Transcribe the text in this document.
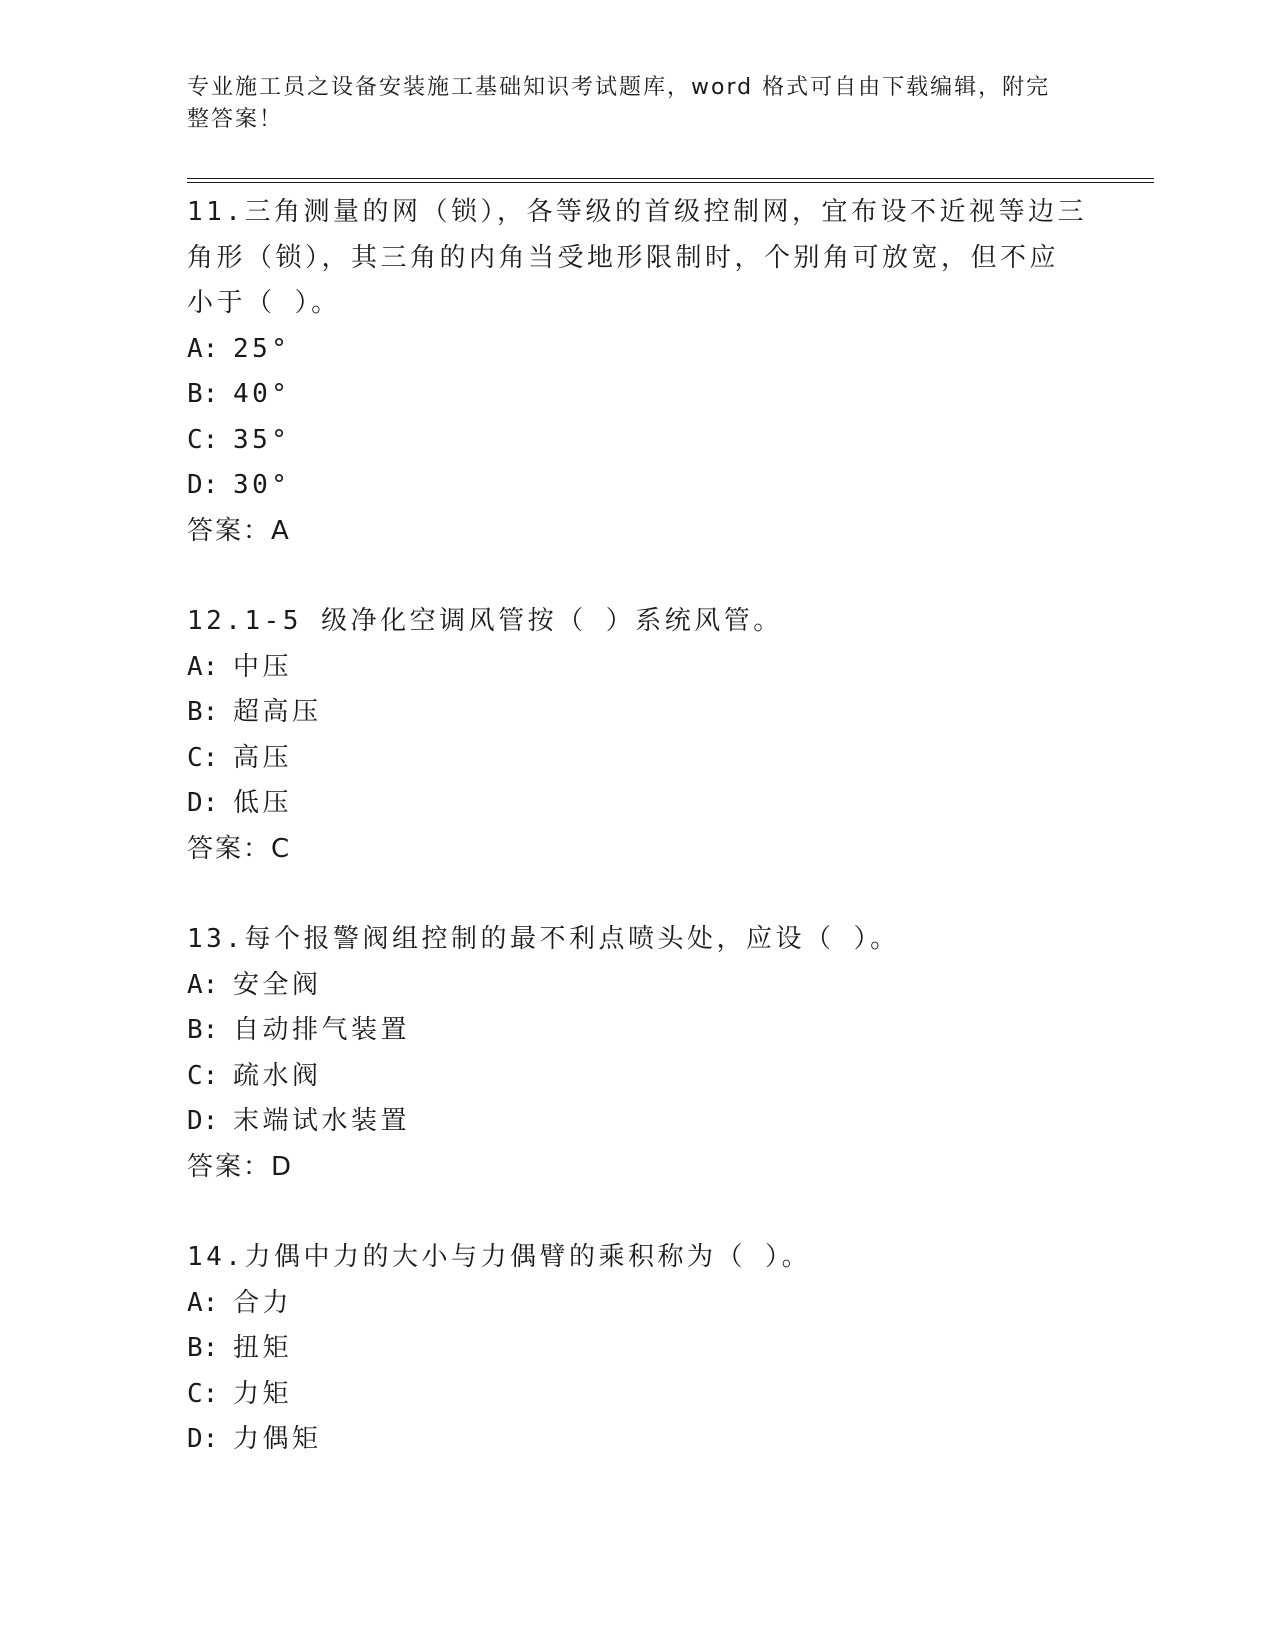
专业施工员之设备安装施工基础知识考试题库，word 格式可自由下载编辑，附完整答案！

11.三角测量的网（锁），各等级的首级控制网，宜布设不近视等边三角形（锁），其三角的内角当受地形限制时，个别角可放宽，但不应小于（ ）。

A: 25°

B: 40°

C: 35°

D: 30°

答案：A

12.1-5 级净化空调风管按（ ）系统风管。

A: 中压

B: 超高压

C: 高压

D: 低压

答案：C

13.每个报警阀组控制的最不利点喷头处，应设（ ）。

A: 安全阀

B: 自动排气装置

C: 疏水阀

D: 末端试水装置

答案：D

14.力偶中力的大小与力偶臂的乘积称为（ ）。

A: 合力

B: 扭矩

C: 力矩

D: 力偶矩
